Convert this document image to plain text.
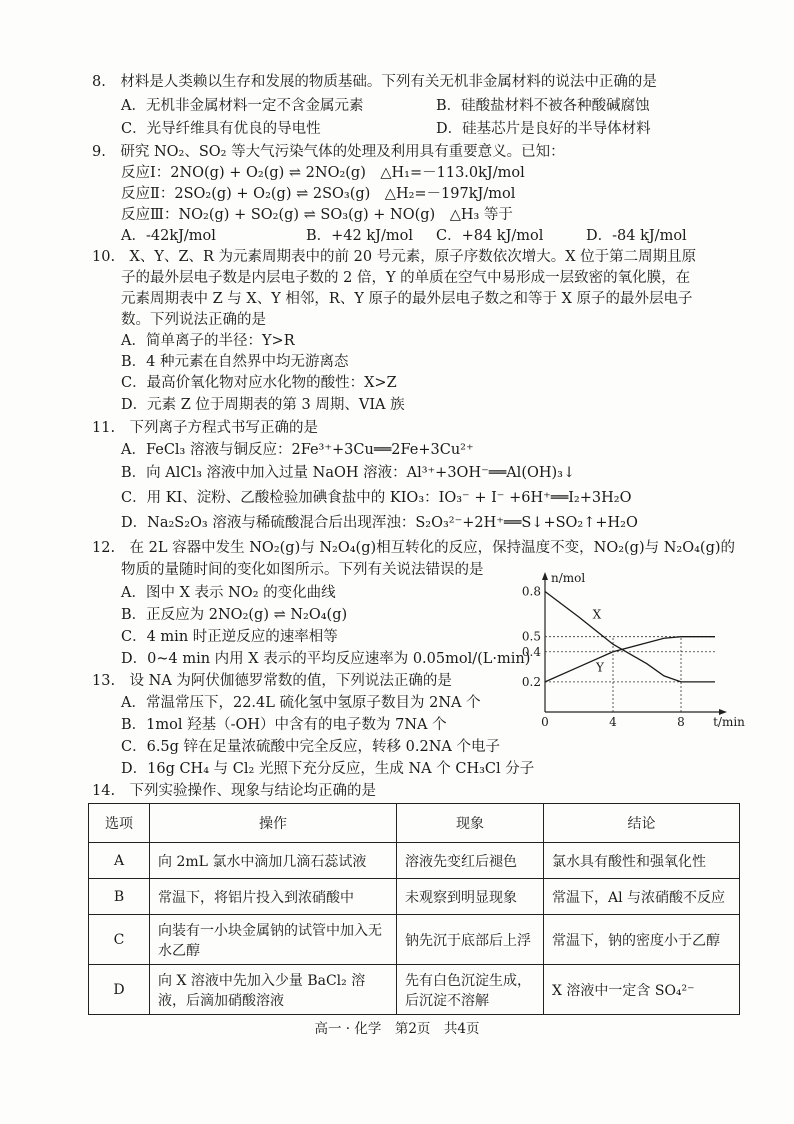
8.　材料是人类赖以生存和发展的物质基础。下列有关无机非金属材料的说法中正确的是
A．无机非金属材料一定不含金属元素	B．硅酸盐材料不被各种酸碱腐蚀
C．光导纤维具有优良的导电性	D．硅基芯片是良好的半导体材料
9.　研究 NO₂、SO₂ 等大气污染气体的处理及利用具有重要意义。已知：
反应Ⅰ：2NO(g) + O₂(g) ⇌ 2NO₂(g)　△H₁=－113.0kJ/mol
反应Ⅱ：2SO₂(g) + O₂(g) ⇌ 2SO₃(g)　△H₂=－197kJ/mol
反应Ⅲ：NO₂(g) + SO₂(g) ⇌ SO₃(g) + NO(g)　△H₃ 等于
A．-42kJ/mol	B．+42 kJ/mol C．+84 kJ/mol	D．-84 kJ/mol
10.　X、Y、Z、R 为元素周期表中的前 20 号元素，原子序数依次增大。X 位于第二周期且原
子的最外层电子数是内层电子数的 2 倍，Y 的单质在空气中易形成一层致密的氧化膜，在
元素周期表中 Z 与 X、Y 相邻，R、Y 原子的最外层电子数之和等于 X 原子的最外层电子
数。下列说法正确的是
A．简单离子的半径：Y>R
B．4 种元素在自然界中均无游离态
C．最高价氧化物对应水化物的酸性：X>Z
D．元素 Z 位于周期表的第 3 周期、VIA 族
11.　下列离子方程式书写正确的是
A．FeCl₃ 溶液与铜反应：2Fe³⁺+3Cu══2Fe+3Cu²⁺
B．向 AlCl₃ 溶液中加入过量 NaOH 溶液：Al³⁺+3OH⁻══Al(OH)₃↓
C．用 KI、淀粉、乙酸检验加碘食盐中的 KIO₃：IO₃⁻ + I⁻ +6H⁺══I₂+3H₂O
D．Na₂S₂O₃ 溶液与稀硫酸混合后出现浑浊：S₂O₃²⁻+2H⁺══S↓+SO₂↑+H₂O
12.　在 2L 容器中发生 NO₂(g)与 N₂O₄(g)相互转化的反应，保持温度不变，NO₂(g)与 N₂O₄(g)的
物质的量随时间的变化如图所示。下列有关说法错误的是
A．图中 X 表示 NO₂ 的变化曲线
B．正反应为 2NO₂(g) ⇌ N₂O₄(g)
C．4 min 时正逆反应的速率相等
D．0~4 min 内用 X 表示的平均反应速率为 0.05mol/(L·min)
13.　设 NA 为阿伏伽德罗常数的值，下列说法正确的是
A．常温常压下，22.4L 硫化氢中氢原子数目为 2NA 个
B．1mol 羟基（-OH）中含有的电子数为 7NA 个
C．6.5g 锌在足量浓硫酸中完全反应，转移 0.2NA 个电子
D．16g CH₄ 与 Cl₂ 光照下充分反应，生成 NA 个 CH₃Cl 分子
0.2
0.4
0.5
0.8
0	4	8
n/mol
t/min
X
Y
14.　下列实验操作、现象与结论均正确的是
选项	操作	现象	结论
A	向 2mL 氯水中滴加几滴石蕊试液	溶液先变红后褪色	氯水具有酸性和强氧化性
B	常温下，将铝片投入到浓硝酸中	未观察到明显现象	常温下，Al 与浓硝酸不反应
C	向装有一小块金属钠的试管中加入无水乙醇	钠先沉于底部后上浮	常温下，钠的密度小于乙醇
D	向 X 溶液中先加入少量 BaCl₂ 溶液，后滴加硝酸溶液	先有白色沉淀生成，后沉淀不溶解	X 溶液中一定含 SO₄²⁻
高一 · 化学　第2页　共4页
